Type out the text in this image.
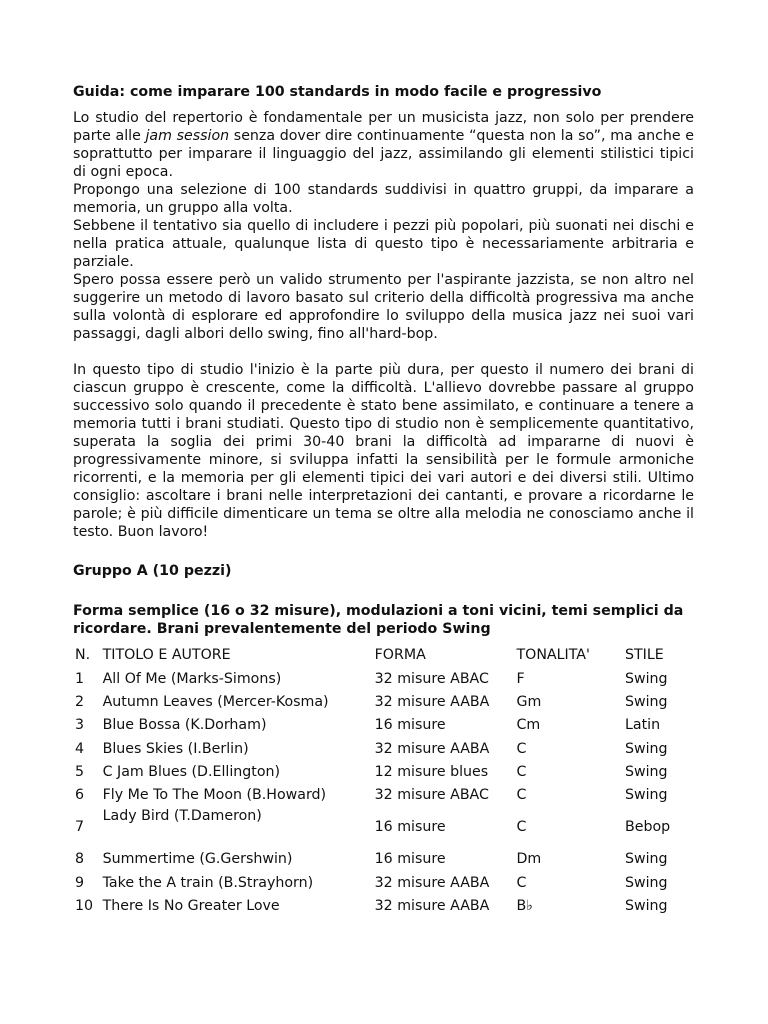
Guida: come imparare 100 standards in modo facile e progressivo

Lo studio del repertorio è fondamentale per un musicista jazz, non solo per prendere parte alle jam session senza dover dire continuamente “questa non la so”, ma anche e soprattutto per imparare il linguaggio del jazz, assimilando gli elementi stilistici tipici di ogni epoca.

Propongo una selezione di 100 standards suddivisi in quattro gruppi, da imparare a memoria, un gruppo alla volta.

Sebbene il tentativo sia quello di includere i pezzi più popolari, più suonati nei dischi e nella pratica attuale, qualunque lista di questo tipo è necessariamente arbitraria e parziale.

Spero possa essere però un valido strumento per l'aspirante jazzista, se non altro nel suggerire un metodo di lavoro basato sul criterio della difficoltà progressiva ma anche sulla volontà di esplorare ed approfondire lo sviluppo della musica jazz nei suoi vari passaggi, dagli albori dello swing, fino all'hard-bop.

In questo tipo di studio l'inizio è la parte più dura, per questo il numero dei brani di ciascun gruppo è crescente, come la difficoltà. L'allievo dovrebbe passare al gruppo successivo solo quando il precedente è stato bene assimilato, e continuare a tenere a memoria tutti i brani studiati. Questo tipo di studio non è semplicemente quantitativo, superata la soglia dei primi 30-40 brani la difficoltà ad impararne di nuovi è progressivamente minore, si sviluppa infatti la sensibilità per le formule armoniche ricorrenti, e la memoria per gli elementi tipici dei vari autori e dei diversi stili. Ultimo consiglio: ascoltare i brani nelle interpretazioni dei cantanti, e provare a ricordarne le parole; è più difficile dimenticare un tema se oltre alla melodia ne conosciamo anche il testo. Buon lavoro!

Gruppo A (10 pezzi)
Forma semplice (16 o 32 misure), modulazioni a toni vicini, temi semplici da ricordare. Brani prevalentemente del periodo Swing
N.	TITOLO E AUTORE	FORMA	TONALITA'	STILE
1	All Of Me (Marks-Simons)	32 misure ABAC	F	Swing
2	Autumn Leaves (Mercer-Kosma)	32 misure AABA	Gm	Swing
3	Blue Bossa (K.Dorham)	16 misure	Cm	Latin
4	Blues Skies (I.Berlin)	32 misure AABA	C	Swing
5	C Jam Blues (D.Ellington)	12 misure blues	C	Swing
6	Fly Me To The Moon (B.Howard)	32 misure ABAC	C	Swing
7	Lady Bird (T.Dameron)	16 misure	C	Bebop
8	Summertime (G.Gershwin)	16 misure	Dm	Swing
9	Take the A train (B.Strayhorn)	32 misure AABA	C	Swing
10	There Is No Greater Love	32 misure AABA	B♭	Swing
